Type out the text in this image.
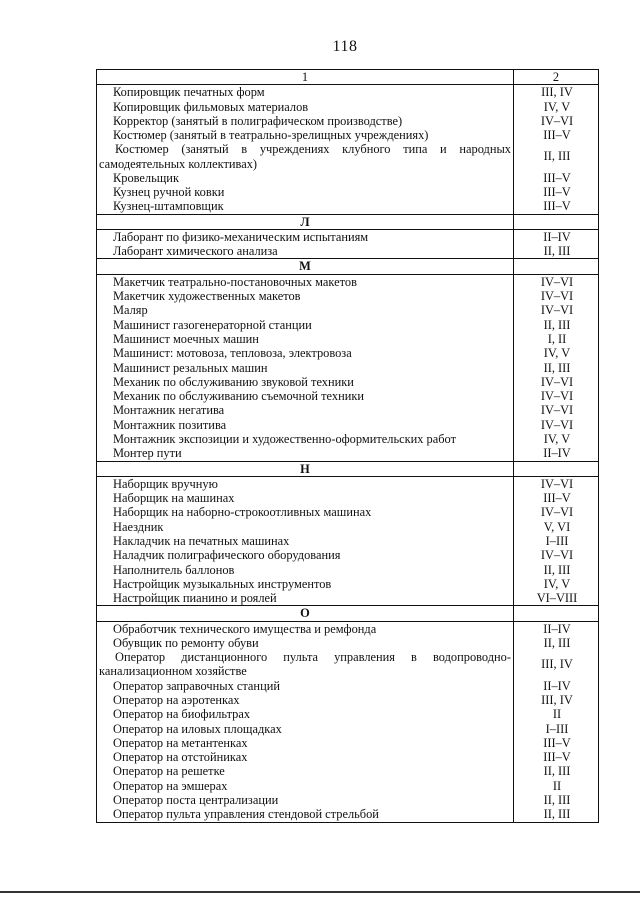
118
1	2
Копировщик печатных форм	III, IV
Копировщик фильмовых материалов	IV, V
Корректор (занятый в полиграфическом производстве)	IV–VI
Костюмер (занятый в театрально-зрелищных учреждениях)	III–V
Костюмер (занятый в учреждениях клубного типа и народных самодеятельных коллективах)	II, III
Кровельщик	III–V
Кузнец ручной ковки	III–V
Кузнец-штамповщик	III–V
Л	
Лаборант по физико-механическим испытаниям	II–IV
Лаборант химического анализа	II, III
М	
Макетчик театрально-постановочных макетов	IV–VI
Макетчик художественных макетов	IV–VI
Маляр	IV–VI
Машинист газогенераторной станции	II, III
Машинист моечных машин	I, II
Машинист: мотовоза, тепловоза, электровоза	IV, V
Машинист резальных машин	II, III
Механик по обслуживанию звуковой техники	IV–VI
Механик по обслуживанию съемочной техники	IV–VI
Монтажник негатива	IV–VI
Монтажник позитива	IV–VI
Монтажник экспозиции и художественно-оформительских работ	IV, V
Монтер пути	II–IV
Н	
Наборщик вручную	IV–VI
Наборщик на машинах	III–V
Наборщик на наборно-строкоотливных машинах	IV–VI
Наездник	V, VI
Накладчик на печатных машинах	I–III
Наладчик полиграфического оборудования	IV–VI
Наполнитель баллонов	II, III
Настройщик музыкальных инструментов	IV, V
Настройщик пианино и роялей	VI–VIII
О	
Обработчик технического имущества и ремфонда	II–IV
Обувщик по ремонту обуви	II, III
Оператор дистанционного пульта управления в водопроводно-канализационном хозяйстве	III, IV
Оператор заправочных станций	II–IV
Оператор на аэротенках	III, IV
Оператор на биофильтрах	II
Оператор на иловых площадках	I–III
Оператор на метантенках	III–V
Оператор на отстойниках	III–V
Оператор на решетке	II, III
Оператор на эмшерах	II
Оператор поста централизации	II, III
Оператор пульта управления стендовой стрельбой	II, III
